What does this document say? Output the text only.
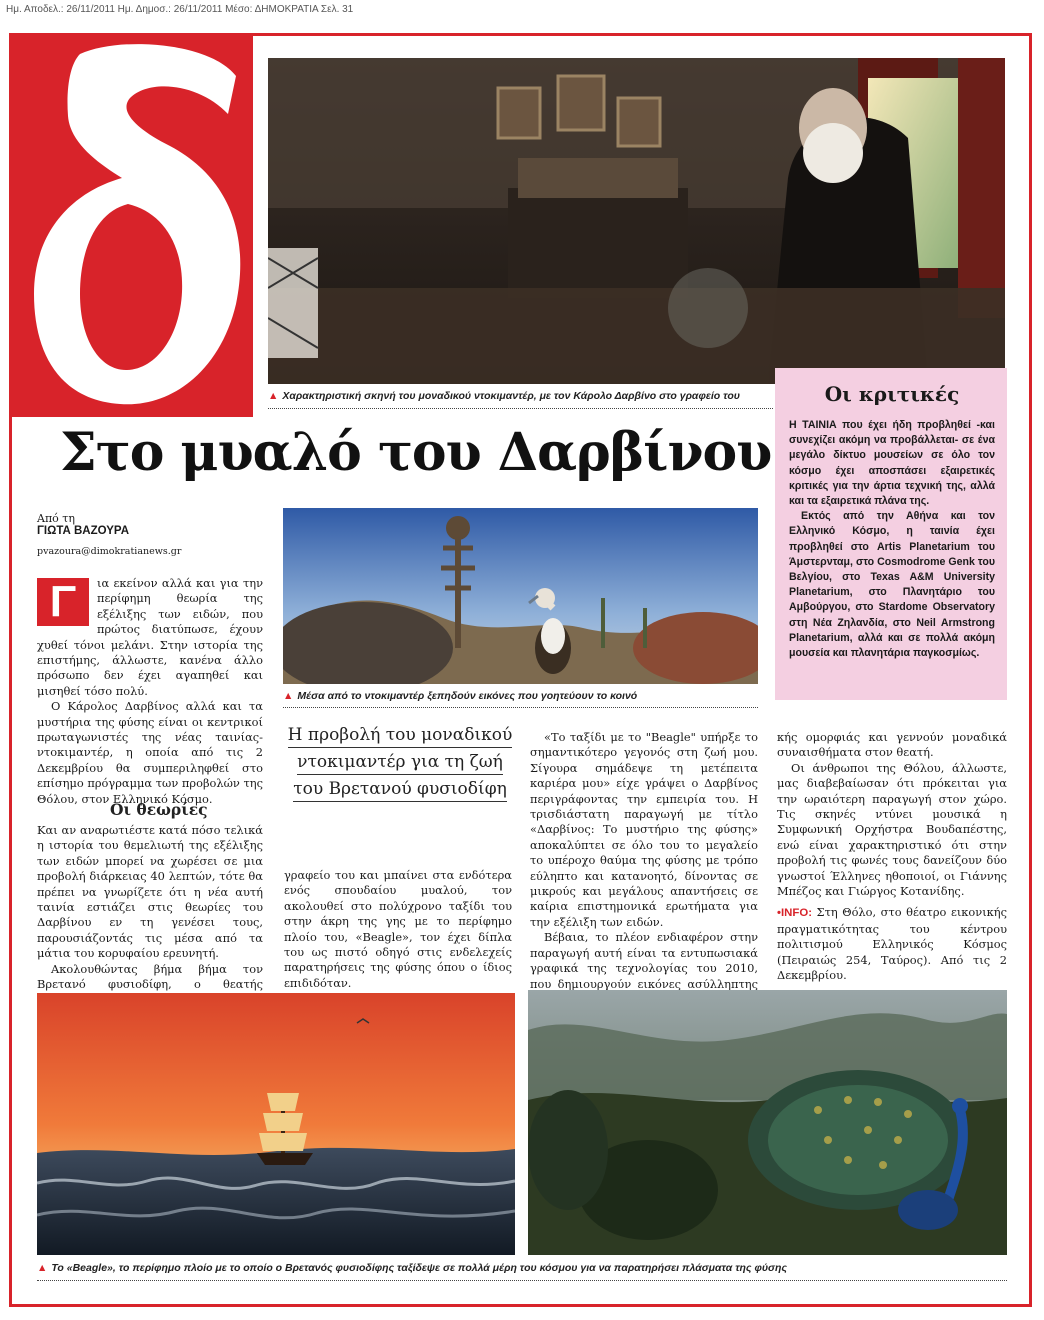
Ημ. Αποδελ.: 26/11/2011 Ημ. Δημοσ.: 26/11/2011 Μέσο: ΔΗΜΟΚΡΑΤΙΑ Σελ. 31
▲ Χαρακτηριστική σκηνή του μοναδικού ντοκιμαντέρ, με τον Κάρολο Δαρβίνο στο γραφείο του	Οι κριτικές

Η ΤΑΙΝΙΑ που έχει ήδη προβληθεί -και συνεχίζει ακόμη να προβάλλεται- σε ένα μεγάλο δίκτυο μουσείων σε όλο τον κόσμο έχει αποσπάσει εξαιρετικές κριτικές για την άρτια τεχνική της, αλλά και τα εξαιρετικά πλάνα της.

Εκτός από την Αθήνα και τον Ελληνικό Κόσμο, η ταινία έχει προβληθεί στο Artis Planetarium του Άμστερνταμ, στο Cosmodrome Genk του Βελγίου, στο Texas A&M University Planetarium, στο Πλανητάριο του Αμβούργου, στο Stardome Observatory στη Νέα Ζηλανδία, στο Neil Armstrong Planetarium, αλλά και σε πολλά ακόμη μουσεία και πλανητάρια παγκοσμίως.

Στο μυαλό του Δαρβίνου
Από τη
ΓΙΩΤΑ ΒΑΖΟΥΡΑ
pvazoura@dimokratianews.gr
▲ Μέσα από το ντοκιμαντέρ ξεπηδούν εικόνες που γοητεύουν το κοινό
Γ	ια εκείνον αλλά και για την περίφημη θεωρία της εξέλιξης των ειδών, που πρώτος διατύπωσε, έχουν χυθεί τόνοι μελάνι. Στην ιστορία της επιστήμης, άλλωστε, κανένα άλλο πρόσωπο δεν έχει αγαπηθεί και μισηθεί τόσο πολύ.

Ο Κάρολος Δαρβίνος αλλά και τα μυστήρια της φύσης είναι οι κεντρικοί πρωταγωνιστές της νέας ταινίας-ντοκιμαντέρ, η οποία από τις 2 Δεκεμβρίου θα συμπεριληφθεί στο επίσημο πρόγραμμα των προβολών της Θόλου, στον Ελληνικό Κόσμο.

Οι θεωρίες

Και αν αναρωτιέστε κατά πόσο τελικά η ιστορία του θεμελιωτή της εξέλιξης των ειδών μπορεί να χωρέσει σε μια προβολή διάρκειας 40 λεπτών, τότε θα πρέπει να γνωρίζετε ότι η νέα αυτή ταινία εστιάζει στις θεωρίες του Δαρβίνου εν τη γενέσει τους, παρουσιάζοντάς τις μέσα από τα μάτια του κορυφαίου ερευνητή.

Ακολουθώντας βήμα βήμα τον Βρετανό φυσιοδίφη, ο θεατής

Η προβολή του μοναδικού ντοκιμαντέρ για τη ζωή του Βρετανού φυσιοδίφη

γραφείο του και μπαίνει στα ενδότερα ενός σπουδαίου μυαλού, τον ακολουθεί στο πολύχρονο ταξίδι του στην άκρη της γης με το περίφημο πλοίο του, «Beagle», τον έχει δίπλα του ως πιστό οδηγό στις ενδελεχείς παρατηρήσεις της φύσης όπου ο ίδιος επιδιδόταν.

«Το ταξίδι με το "Beagle" υπήρξε το σημαντικότερο γεγονός στη ζωή μου. Σίγουρα σημάδεψε τη μετέπειτα καριέρα μου» είχε γράψει ο Δαρβίνος περιγράφοντας την εμπειρία του. Η τρισδιάστατη παραγωγή με τίτλο «Δαρβίνος: Το μυστήριο της φύσης» αποκαλύπτει σε όλο του το μεγαλείο το υπέροχο θαύμα της φύσης με τρόπο εύληπτο και κατανοητό, δίνοντας σε μικρούς και μεγάλους απαντήσεις σε καίρια επιστημονικά ερωτήματα για την εξέλιξη των ειδών.

Βέβαια, το πλέον ενδιαφέρον στην παραγωγή αυτή είναι τα εντυπωσιακά γραφικά της τεχνολογίας του 2010, που δημιουργούν εικόνες ασύλληπτης

κής ομορφιάς και γεννούν μοναδικά συναισθήματα στον θεατή.

Οι άνθρωποι της Θόλου, άλλωστε, μας διαβεβαίωσαν ότι πρόκειται για την ωραιότερη παραγωγή στον χώρο. Τις σκηνές ντύνει μουσικά η Συμφωνική Ορχήστρα Βουδαπέστης, ενώ είναι χαρακτηριστικό ότι στην προβολή τις φωνές τους δανείζουν δύο γνωστοί Έλληνες ηθοποιοί, οι Γιάννης Μπέζος και Γιώργος Κοτανίδης.

•INFO: Στη Θόλο, στο θέατρο εικονικής πραγματικότητας του κέντρου πολιτισμού Ελληνικός Κόσμος (Πειραιώς 254, Ταύρος). Από τις 2 Δεκεμβρίου.

▲ Το «Beagle», το περίφημο πλοίο με το οποίο ο Βρετανός φυσιοδίφης ταξίδεψε σε πολλά μέρη του κόσμου για να παρατηρήσει πλάσματα της φύσης
